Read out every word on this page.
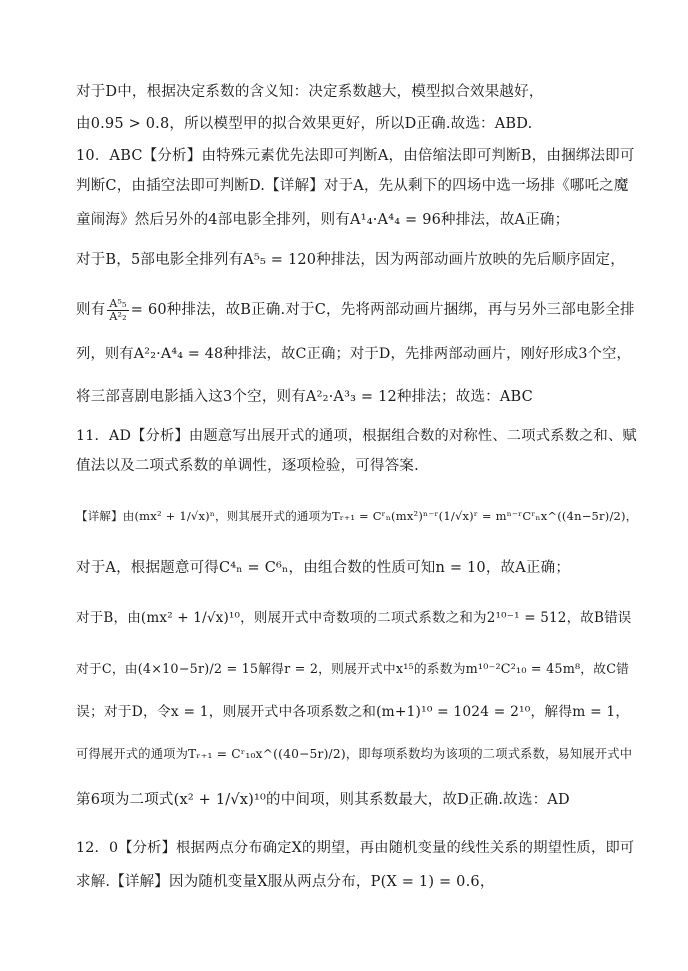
对于D中，根据决定系数的含义知：决定系数越大，模型拟合效果越好，
由0.95 > 0.8，所以模型甲的拟合效果更好，所以D正确.故选：ABD.
10．ABC【分析】由特殊元素优先法即可判断A，由倍缩法即可判断B，由捆绑法即可
判断C，由插空法即可判断D.【详解】对于A，先从剩下的四场中选一场排《哪吒之魔
童闹海》然后另外的4部电影全排列，则有A¹₄·A⁴₄ = 96种排法，故A正确；
对于B，5部电影全排列有A⁵₅ = 120种排法，因为两部动画片放映的先后顺序固定，
则有 $\frac{\text{A⁵₅}}{\text{A²₂}} = 60$种排法，故B正确.对于C，先将两部动画片捆绑，再与另外三部电影全排
列，则有A²₂·A⁴₄ = 48种排法，故C正确；对于D，先排两部动画片，刚好形成3个空，
将三部喜剧电影插入这3个空，则有A²₂·A³₃ = 12种排法；故选：ABC
11．AD【分析】由题意写出展开式的通项，根据组合数的对称性、二项式系数之和、赋
值法以及二项式系数的单调性，逐项检验，可得答案.
【详解】由(mx² + 1/√x)ⁿ，则其展开式的通项为Tᵣ₊₁ = Cʳₙ(mx²)ⁿ⁻ʳ(1/√x)ʳ = mⁿ⁻ʳCʳₙx^((4n−5r)/2)，
对于A，根据题意可得C⁴ₙ = C⁶ₙ，由组合数的性质可知n = 10，故A正确；
对于B，由(mx² + 1/√x)¹⁰，则展开式中奇数项的二项式系数之和为2¹⁰⁻¹ = 512，故B错误
对于C，由(4×10−5r)/2 = 15解得r = 2，则展开式中x¹⁵的系数为m¹⁰⁻²C²₁₀ = 45m⁸，故C错
误；对于D，令x = 1，则展开式中各项系数之和(m+1)¹⁰ = 1024 = 2¹⁰，解得m = 1，
可得展开式的通项为Tᵣ₊₁ = Cʳ₁₀x^((40−5r)/2)，即每项系数均为该项的二项式系数，易知展开式中
第6项为二项式(x² + 1/√x)¹⁰的中间项，则其系数最大，故D正确.故选：AD
12．0【分析】根据两点分布确定X的期望，再由随机变量的线性关系的期望性质，即可
求解.【详解】因为随机变量X服从两点分布，P(X = 1) = 0.6，
